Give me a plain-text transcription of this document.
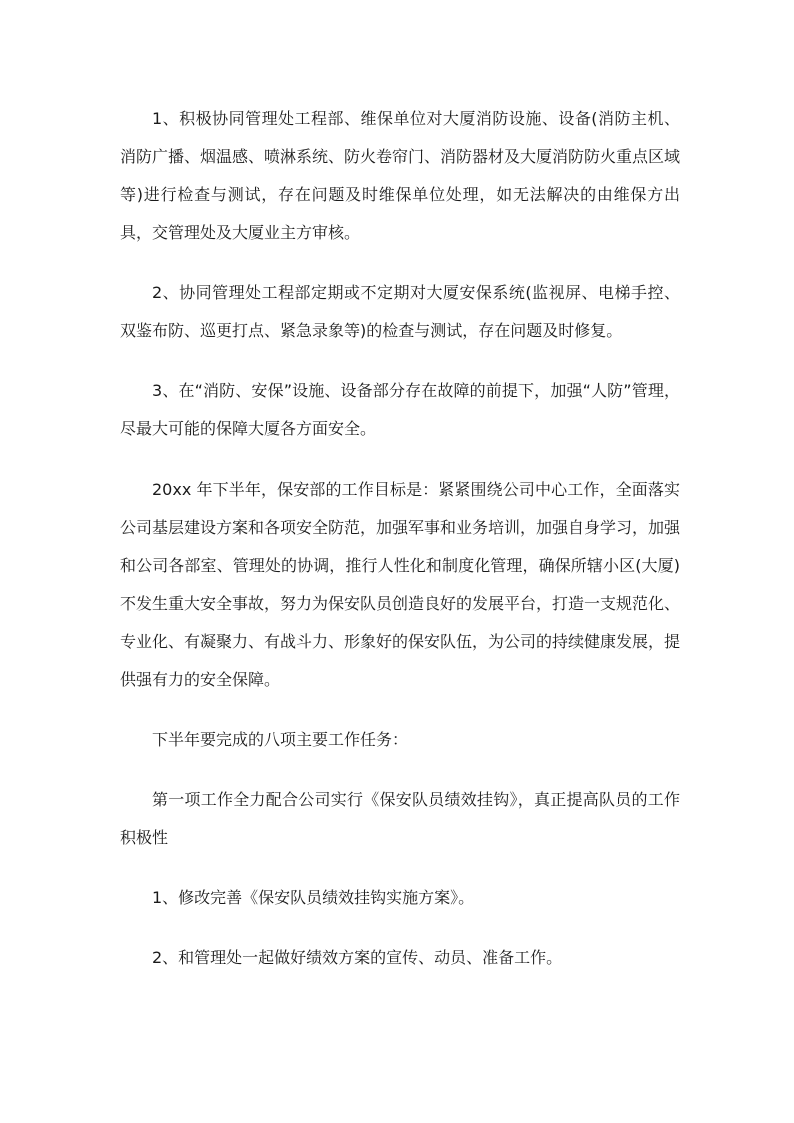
1、积极协同管理处工程部、维保单位对大厦消防设施、设备(消防主机、消防广播、烟温感、喷淋系统、防火卷帘门、消防器材及大厦消防防火重点区域等)进行检查与测试，存在问题及时维保单位处理，如无法解决的由维保方出具，交管理处及大厦业主方审核。

2、协同管理处工程部定期或不定期对大厦安保系统(监视屏、电梯手控、双鉴布防、巡更打点、紧急录象等)的检查与测试，存在问题及时修复。

3、在“消防、安保”设施、设备部分存在故障的前提下，加强“人防”管理，尽最大可能的保障大厦各方面安全。

20xx 年下半年，保安部的工作目标是：紧紧围绕公司中心工作，全面落实公司基层建设方案和各项安全防范，加强军事和业务培训，加强自身学习，加强和公司各部室、管理处的协调，推行人性化和制度化管理，确保所辖小区(大厦)不发生重大安全事故，努力为保安队员创造良好的发展平台，打造一支规范化、专业化、有凝聚力、有战斗力、形象好的保安队伍，为公司的持续健康发展，提供强有力的安全保障。

下半年要完成的八项主要工作任务：

第一项工作全力配合公司实行《保安队员绩效挂钩》，真正提高队员的工作积极性

1、修改完善《保安队员绩效挂钩实施方案》。

2、和管理处一起做好绩效方案的宣传、动员、准备工作。
